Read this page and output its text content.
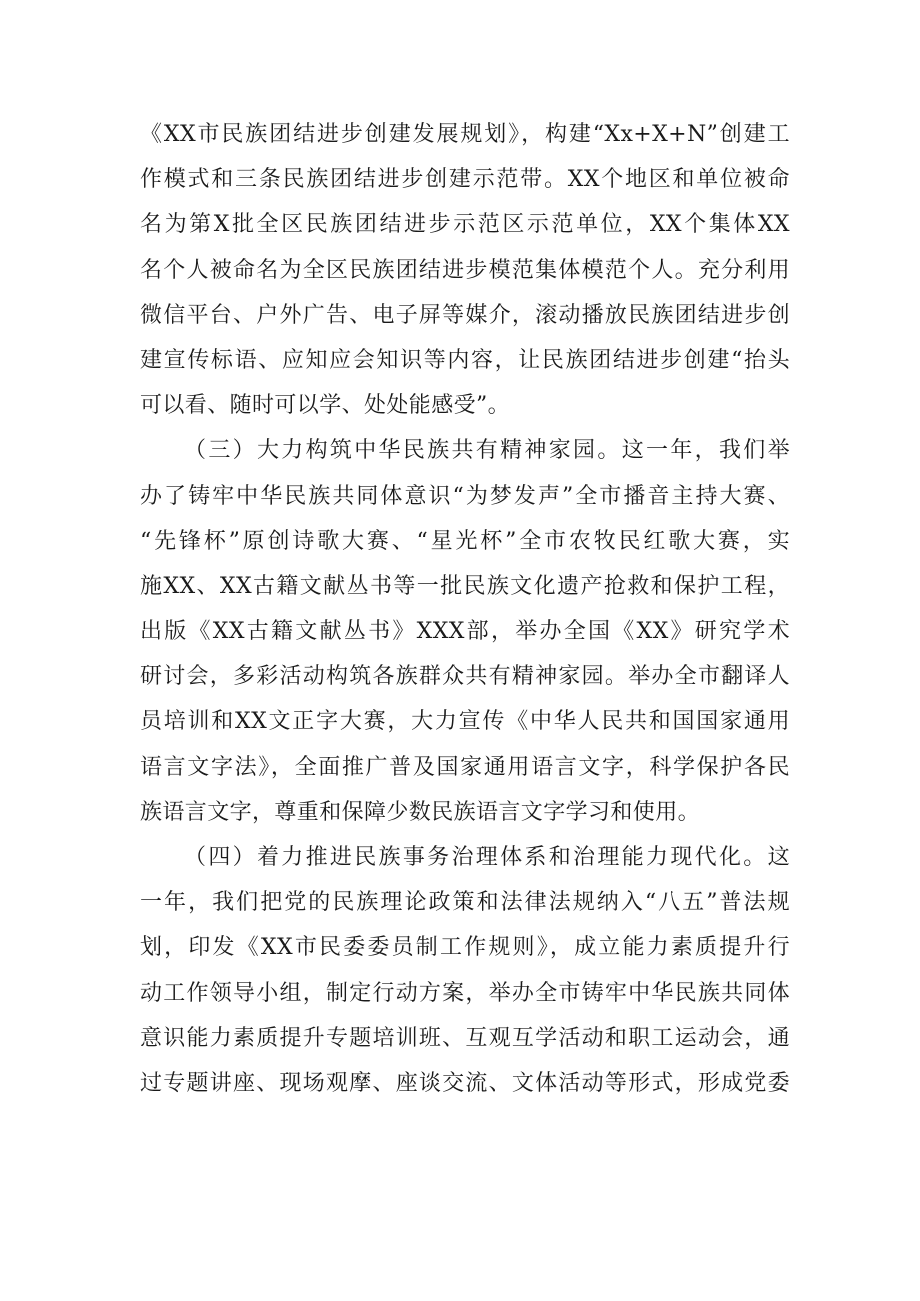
《XX市民族团结进步创建发展规划》，构建“Xx+X+N”创建工
作模式和三条民族团结进步创建示范带。XX个地区和单位被命
名为第X批全区民族团结进步示范区示范单位，XX个集体XX
名个人被命名为全区民族团结进步模范集体模范个人。充分利用
微信平台、户外广告、电子屏等媒介，滚动播放民族团结进步创
建宣传标语、应知应会知识等内容，让民族团结进步创建“抬头
可以看、随时可以学、处处能感受”。
（三）大力构筑中华民族共有精神家园。这一年，我们举
办了铸牢中华民族共同体意识“为梦发声”全市播音主持大赛、
“先锋杯”原创诗歌大赛、“星光杯”全市农牧民红歌大赛，实
施XX、XX古籍文献丛书等一批民族文化遗产抢救和保护工程，
出版《XX古籍文献丛书》XXX部，举办全国《XX》研究学术
研讨会，多彩活动构筑各族群众共有精神家园。举办全市翻译人
员培训和XX文正字大赛，大力宣传《中华人民共和国国家通用
语言文字法》，全面推广普及国家通用语言文字，科学保护各民
族语言文字，尊重和保障少数民族语言文字学习和使用。
（四）着力推进民族事务治理体系和治理能力现代化。这
一年，我们把党的民族理论政策和法律法规纳入“八五”普法规
划，印发《XX市民委委员制工作规则》，成立能力素质提升行
动工作领导小组，制定行动方案，举办全市铸牢中华民族共同体
意识能力素质提升专题培训班、互观互学活动和职工运动会，通
过专题讲座、现场观摩、座谈交流、文体活动等形式，形成党委
